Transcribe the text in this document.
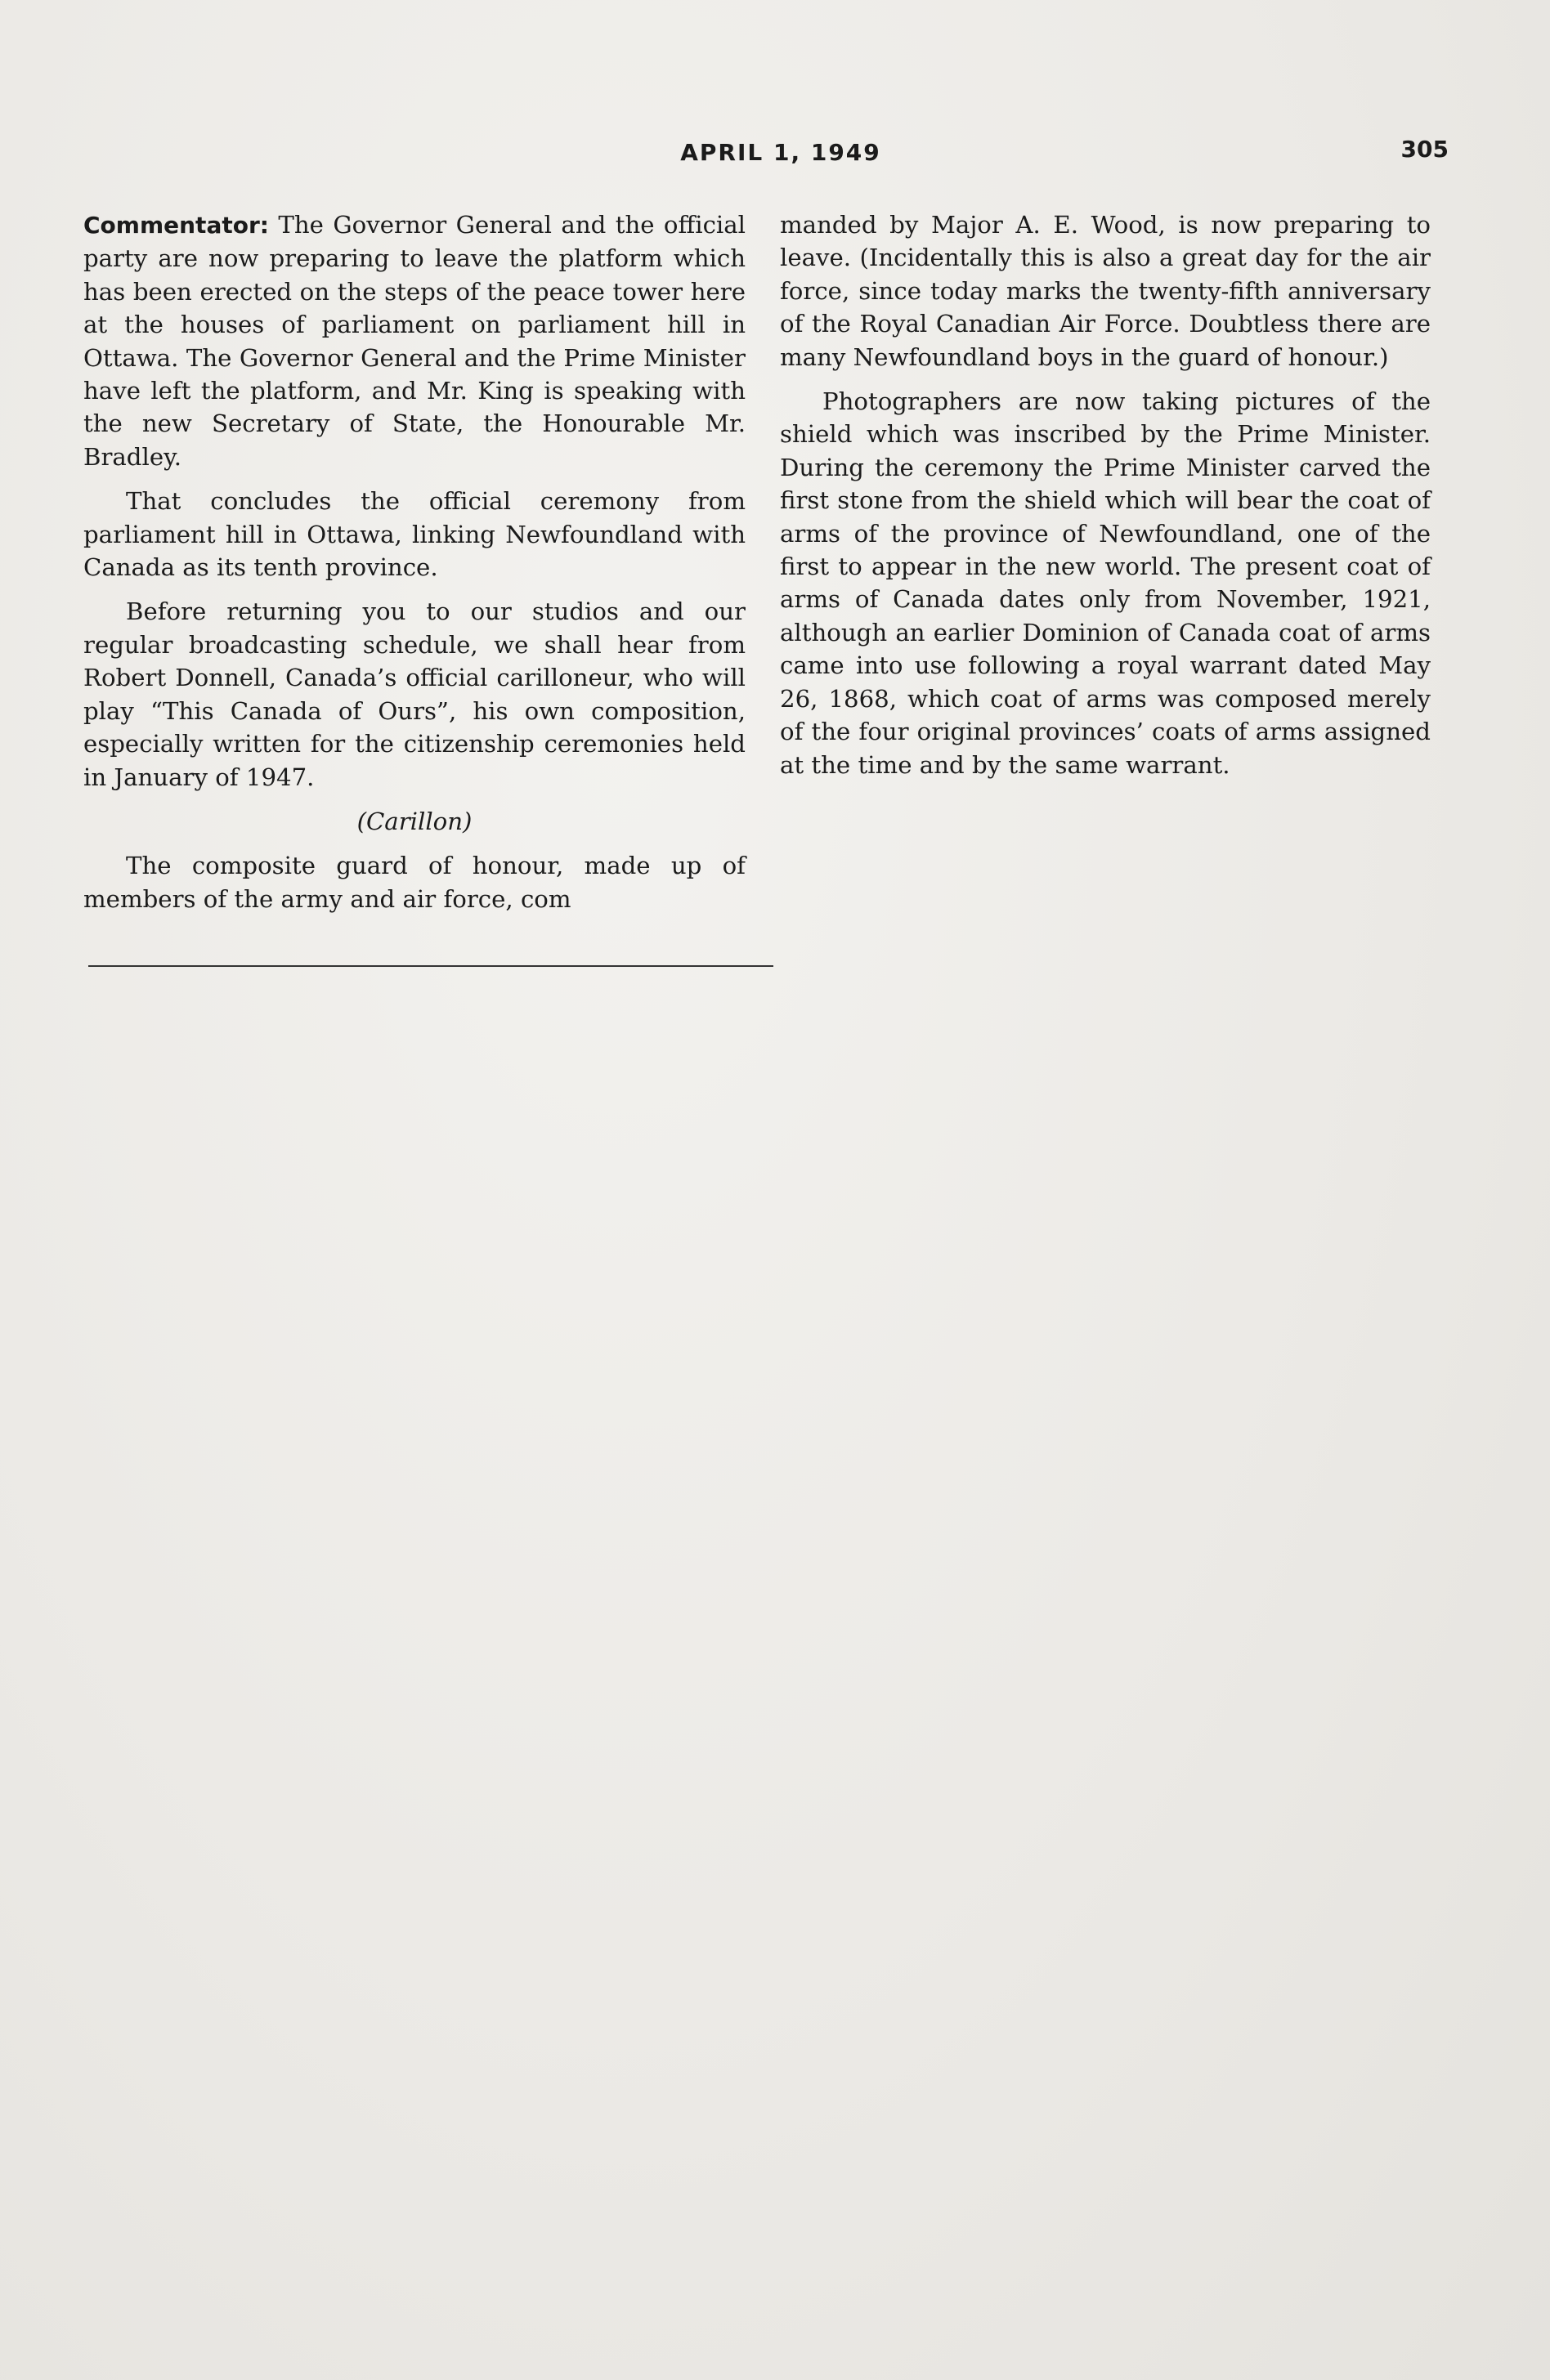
APRIL 1, 1949	305

Commentator: The Governor General and the official party are now preparing to leave the platform which has been erected on the steps of the peace tower here at the houses of parliament on parliament hill in Ottawa. The Governor General and the Prime Minister have left the platform, and Mr. King is speaking with the new Secretary of State, the Honourable Mr. Bradley.

That concludes the official ceremony from parliament hill in Ottawa, linking Newfoundland with Canada as its tenth province.

Before returning you to our studios and our regular broadcasting schedule, we shall hear from Robert Donnell, Canada’s official carilloneur, who will play “This Canada of Ours”, his own composition, especially written for the citizenship ceremonies held in January of 1947.

(Carillon)

The composite guard of honour, made up of members of the army and air force, com

manded by Major A. E. Wood, is now preparing to leave. (Incidentally this is also a great day for the air force, since today marks the twenty-fifth anniversary of the Royal Canadian Air Force. Doubtless there are many Newfoundland boys in the guard of honour.)

Photographers are now taking pictures of the shield which was inscribed by the Prime Minister. During the ceremony the Prime Minister carved the first stone from the shield which will bear the coat of arms of the province of Newfoundland, one of the first to appear in the new world. The present coat of arms of Canada dates only from November, 1921, although an earlier Dominion of Canada coat of arms came into use following a royal warrant dated May 26, 1868, which coat of arms was composed merely of the four original provinces’ coats of arms assigned at the time and by the same warrant.
